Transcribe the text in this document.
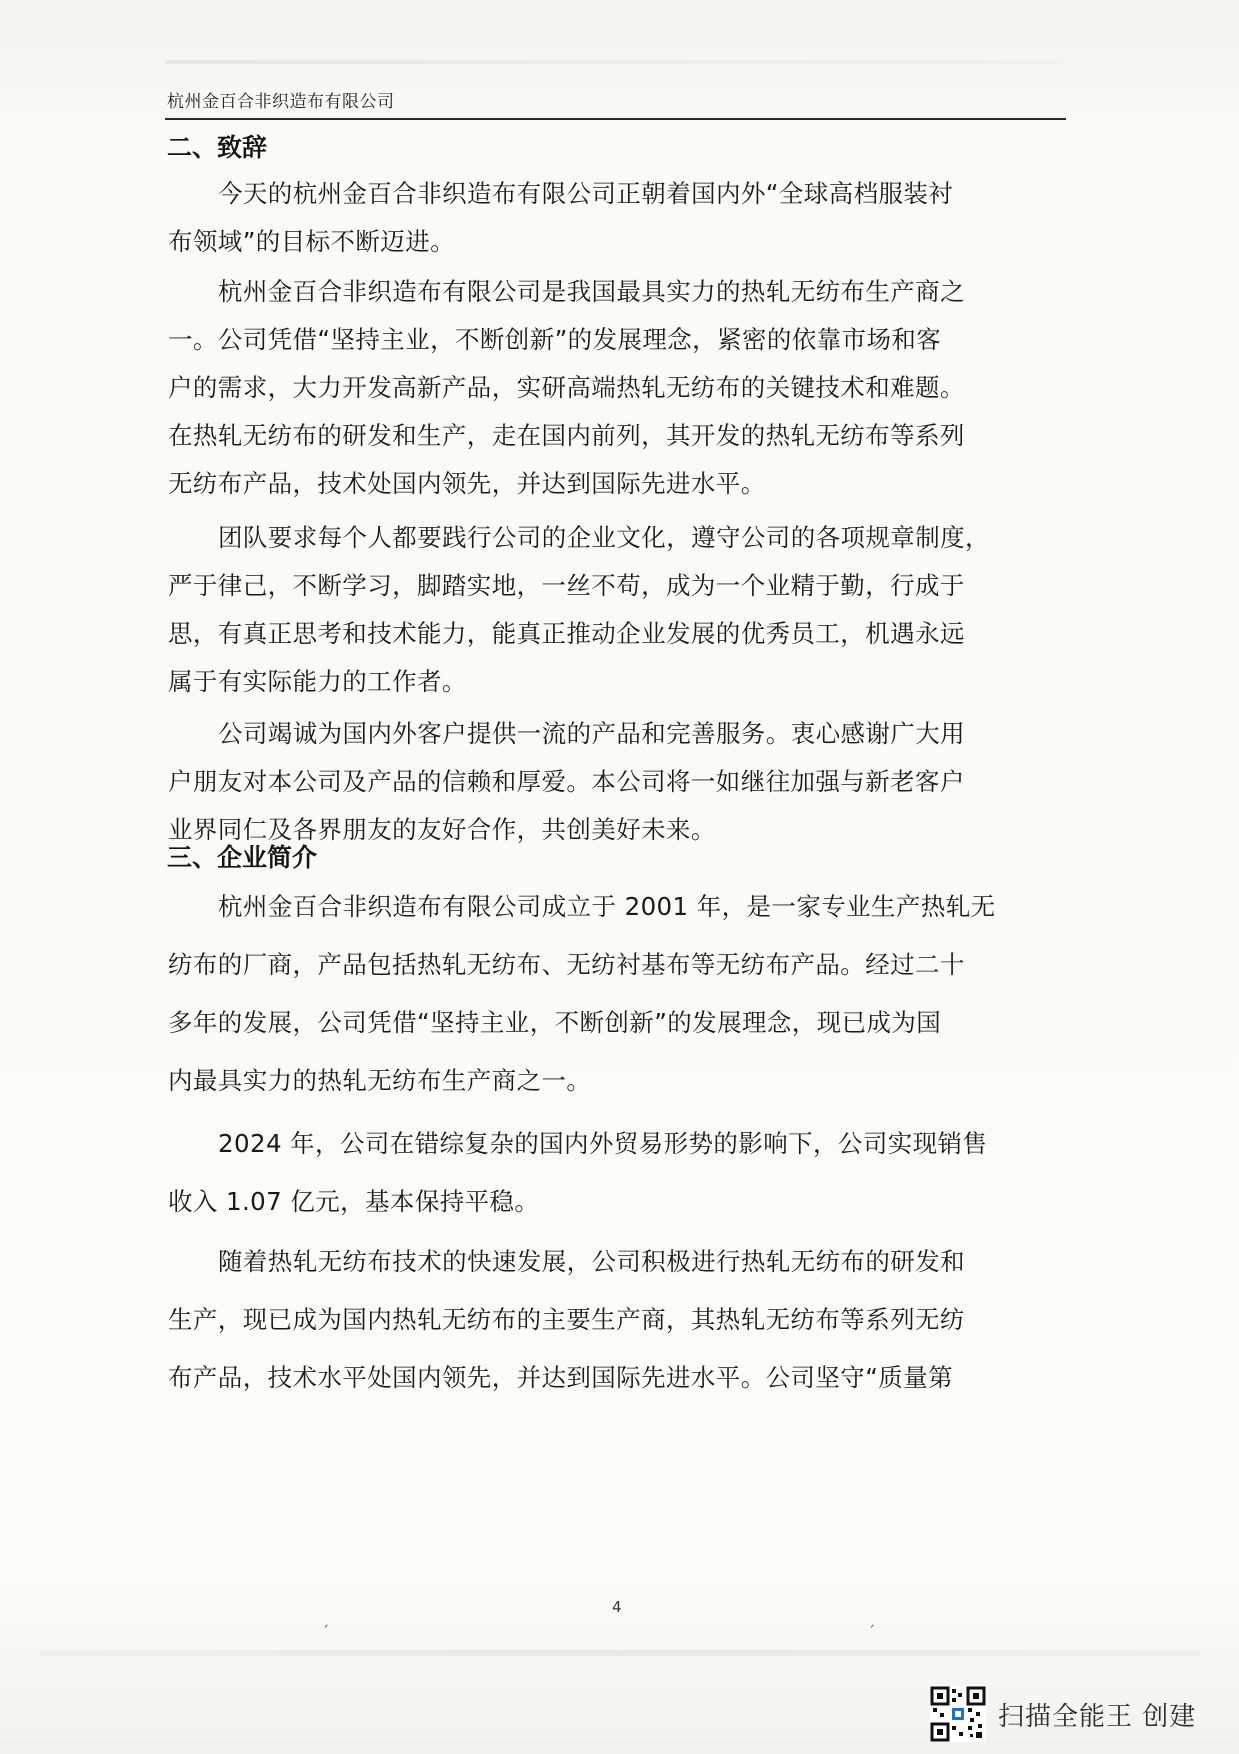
杭州金百合非织造布有限公司
二、致辞
今天的杭州金百合非织造布有限公司正朝着国内外“全球高档服装衬
布领域”的目标不断迈进。
杭州金百合非织造布有限公司是我国最具实力的热轧无纺布生产商之
一。公司凭借“坚持主业，不断创新”的发展理念，紧密的依靠市场和客
户的需求，大力开发高新产品，实研高端热轧无纺布的关键技术和难题。
在热轧无纺布的研发和生产，走在国内前列，其开发的热轧无纺布等系列
无纺布产品，技术处国内领先，并达到国际先进水平。
团队要求每个人都要践行公司的企业文化，遵守公司的各项规章制度，
严于律己，不断学习，脚踏实地，一丝不苟，成为一个业精于勤，行成于
思，有真正思考和技术能力，能真正推动企业发展的优秀员工，机遇永远
属于有实际能力的工作者。
公司竭诚为国内外客户提供一流的产品和完善服务。衷心感谢广大用
户朋友对本公司及产品的信赖和厚爱。本公司将一如继往加强与新老客户
业界同仁及各界朋友的友好合作，共创美好未来。
三、企业简介
杭州金百合非织造布有限公司成立于 2001 年，是一家专业生产热轧无
纺布的厂商，产品包括热轧无纺布、无纺衬基布等无纺布产品。经过二十
多年的发展，公司凭借“坚持主业，不断创新”的发展理念，现已成为国
内最具实力的热轧无纺布生产商之一。
2024 年，公司在错综复杂的国内外贸易形势的影响下，公司实现销售
收入 1.07 亿元，基本保持平稳。
随着热轧无纺布技术的快速发展，公司积极进行热轧无纺布的研发和
生产，现已成为国内热轧无纺布的主要生产商，其热轧无纺布等系列无纺
布产品，技术水平处国内领先，并达到国际先进水平。公司坚守“质量第
4
ˏ	ˏ
扫描全能王 创建
